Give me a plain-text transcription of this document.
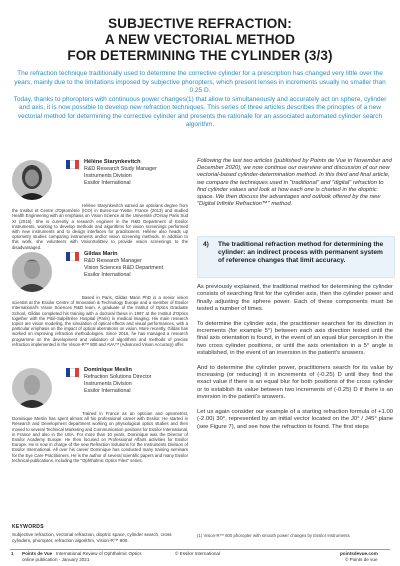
SUBJECTIVE REFRACTION:
A NEW VECTORIAL METHOD
FOR DETERMINING THE CYLINDER (3/3)

The refraction technique traditionally used to determine the corrective cylinder for a prescription has changed very little over the years, mainly due to the limitations imposed by subjective phoropters, which present lenses in increments usually no smaller than 0.25 D.

Today, thanks to phoropters with continuous power changes(1) that allow to simultaneously and accurately act on sphere, cylinder and axis, it is now possible to develop new refraction techniques. This series of three articles describes the principles of a new vectorial method for determining the corrective cylinder and presents the rationale for an associated automated cylinder search algorithm.

Hélène Starynkevitch
R&D Research Study Manager
Instruments Division
Essilor International

Hélène Starynkevitch earned an opticians degree from the Institut et Centre d'Optométrie (ICO) in Bures-sur-Yvette, France (2013) and studied Health Engineering with an emphasis on Vision Science at the Université d'Orsay Paris Sud XI (2016). She is currently a research engineer in the R&D Department of Essilor Instruments, working to develop methods and algorithms for vision screenings performed with new instruments and to design interfaces for practitioners. Hélène also heads up optometry studies comparing instruments and/or vision screening methods. In addition to this work, she volunteers with VisionSoliDev to provide vision screenings to the disadvantaged.

Gildas Marin
R&D Research Manager
Vision Sciences R&D Department
Essilor International

Based in Paris, Gildas Marin PhD is a senior vision scientist at the Essilor Centre of Innovation & Technology Europe and a member of Essilor International's Vision Sciences R&D team. A graduate of the Institut of Optics Graduate School, Gildas completed his training with a doctoral thesis in 1997 at the Institut d'Optics together with the Pitié-Salpêtrière Hospital (Paris) in medical imaging. His main research topics are vision modeling, the simulation of optical effects and visual performances, with a particular emphasis on the impact of optical aberrations on vision. More recently, Gildas has worked on improving refraction methodologies. Since 2015, he has managed a research programme on the development and validation of algorithms and methods of precise refraction implemented in the Vision-R™ 800 and AVA™ (Advanced Vision Accuracy) offer.

Dominique Meslin
Refraction Solutions Director
Instruments Division
Essilor International

Trained in France as an optician and optometrist, Dominique Meslin has spent almost all his professional career with Essilor. He started in Research and Development department working on physiological optics studies and then moved to several Technical Marketing and Communication positions for Essilor International, in France and also in the USA. For more than 10 years, Dominique was the Director of Essilor Academy Europe. He then focused on Professional Affairs activities for Essilor Europe. He is now in charge of the new Refraction Solutions for the Instruments Division of Essilor International. All over his career Dominique has conducted many training seminars for the Eye Care Practitioners. He is the author of several scientific papers and many Essilor technical publications, including the "Ophthalmic Optics Files" series.

KEYWORDS

Subjective refraction, vectorial refraction, dioptric space, cylinder search, cross cylinders, phoropter, refraction algorithm, Vision-R™ 800.

Following the last two articles (published by Points de Vue in November and December 2020), we now continue our overview and discussion of our new vectorial-based cylinder-determination method. In this third and final article, we compare the techniques used in "traditional" and "digital" refraction to find cylinder values and look at how each one is charted in the dioptric space. We then discuss the advantages and outlook offered by the new "Digital Infinite Refraction™" method.

4)	The traditional refraction method for determining the cylinder: an indirect process with permanent system of reference changes that limit accuracy.

As previously explained, the traditional method for determining the cylinder consists of searching first for the cylinder axis, then the cylinder power and finally adjusting the sphere power. Each of these components must be tested a number of times.

To determine the cylinder axis, the practitioner searches for its direction in increments (for example 5°) between each axis direction tested until the final axis orientation is found, in the event of an equal blur perception in the two cross cylinder positions, or until the axis orientation in a 5° angle is established, in the event of an inversion in the patient's answers.

And to determine the cylinder power, practitioners search for its value by increasing (or reducing) it in increments of (-0.25) D until they find the exact value if there is an equal blur for both positions of the cross cylinder or to establish its value between two increments of (-0.25) D if there is an inversion in the patient's answers.

Let us again consider our example of a starting refraction formula of +1.00 (-2.00) 30°, represented by an initial vector located on the J0° / J45° plane (see Figure 7), and see how the refraction is found. The first steps

(1) Vision-R™ 800 phoropter with smooth power changes by Essilor Instruments

1 Points de Vue International Review of Ophthalmic Optics
online publication - January 2021
© Essilor International	pointsdevue.com
© Points de vue
